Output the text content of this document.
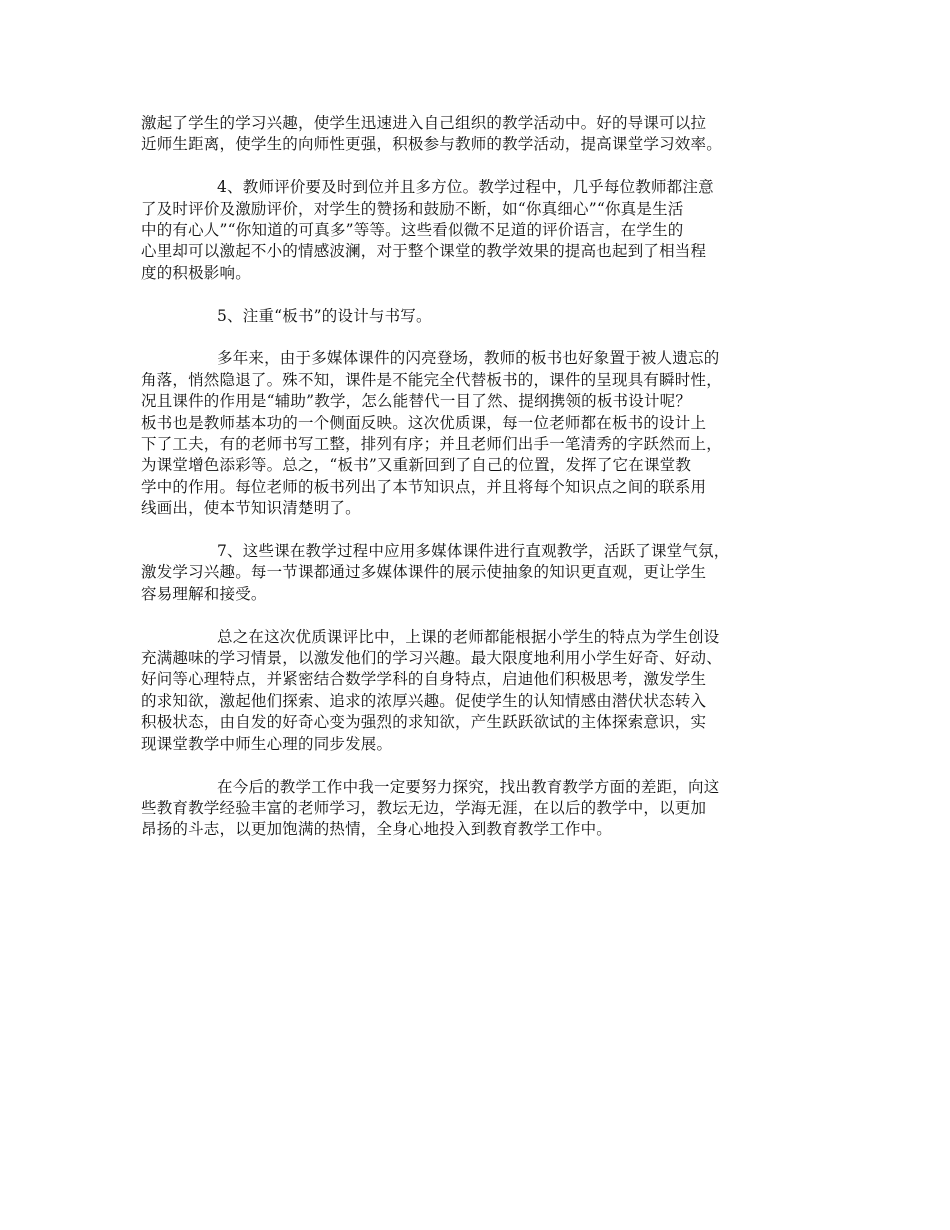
激起了学生的学习兴趣，使学生迅速进入自己组织的教学活动中。好的导课可以拉
近师生距离，使学生的向师性更强，积极参与教师的教学活动，提高课堂学习效率。
4、教师评价要及时到位并且多方位。教学过程中，几乎每位教师都注意
了及时评价及激励评价，对学生的赞扬和鼓励不断，如“你真细心”“你真是生活
中的有心人”“你知道的可真多”等等。这些看似微不足道的评价语言，在学生的
心里却可以激起不小的情感波澜，对于整个课堂的教学效果的提高也起到了相当程
度的积极影响。
5、注重“板书”的设计与书写。
多年来，由于多媒体课件的闪亮登场，教师的板书也好象置于被人遗忘的
角落，悄然隐退了。殊不知，课件是不能完全代替板书的，课件的呈现具有瞬时性，
况且课件的作用是“辅助”教学，怎么能替代一目了然、提纲携领的板书设计呢？
板书也是教师基本功的一个侧面反映。这次优质课，每一位老师都在板书的设计上
下了工夫，有的老师书写工整，排列有序；并且老师们出手一笔清秀的字跃然而上，
为课堂增色添彩等。总之，“板书”又重新回到了自己的位置，发挥了它在课堂教
学中的作用。每位老师的板书列出了本节知识点，并且将每个知识点之间的联系用
线画出，使本节知识清楚明了。
7、这些课在教学过程中应用多媒体课件进行直观教学，活跃了课堂气氛，
激发学习兴趣。每一节课都通过多媒体课件的展示使抽象的知识更直观，更让学生
容易理解和接受。
总之在这次优质课评比中，上课的老师都能根据小学生的特点为学生创设
充满趣味的学习情景，以激发他们的学习兴趣。最大限度地利用小学生好奇、好动、
好问等心理特点，并紧密结合数学学科的自身特点，启迪他们积极思考，激发学生
的求知欲，激起他们探索、追求的浓厚兴趣。促使学生的认知情感由潜伏状态转入
积极状态，由自发的好奇心变为强烈的求知欲，产生跃跃欲试的主体探索意识，实
现课堂教学中师生心理的同步发展。
在今后的教学工作中我一定要努力探究，找出教育教学方面的差距，向这
些教育教学经验丰富的老师学习，教坛无边，学海无涯，在以后的教学中，以更加
昂扬的斗志，以更加饱满的热情，全身心地投入到教育教学工作中。
